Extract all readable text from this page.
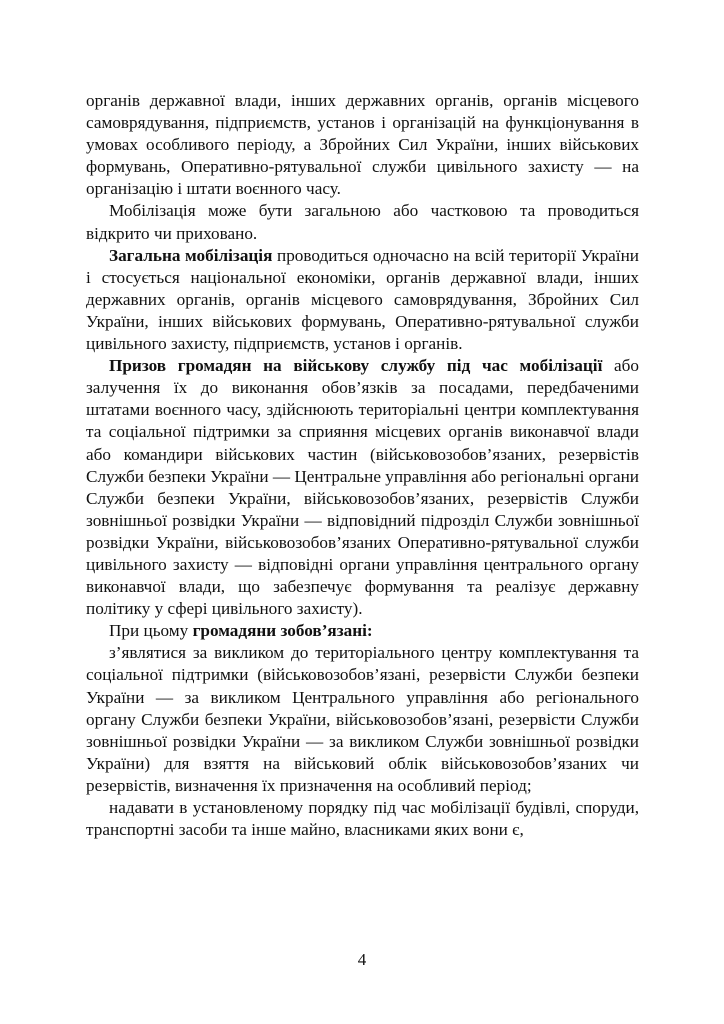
органів державної влади, інших державних органів, органів місцевого самоврядування, підприємств, установ і організацій на функціонування в умовах особливого періоду, а Збройних Сил України, інших військових формувань, Оперативно-рятувальної служби цивільного захисту — на організацію і штати воєнного часу.

Мобілізація може бути загальною або частковою та проводиться відкрито чи приховано.

Загальна мобілізація проводиться одночасно на всій території України і стосується національної економіки, органів державної влади, інших державних органів, органів місцевого самоврядування, Збройних Сил України, інших військових формувань, Оперативно-рятувальної служби цивільного захисту, підприємств, установ і органів.

Призов громадян на військову службу під час мобілізації або залучення їх до виконання обов’язків за посадами, передбаченими штатами воєнного часу, здійснюють територіальні центри комплектування та соціальної підтримки за сприяння місцевих органів виконавчої влади або командири військових частин (військовозобов’язаних, резервістів Служби безпеки України — Центральне управління або регіональні органи Служби безпеки України, військовозобов’язаних, резервістів Служби зовнішньої розвідки України — відповідний підрозділ Служби зовнішньої розвідки України, військовозобов’язаних Оперативно-рятувальної служби цивільного захисту — відповідні органи управління центрального органу виконавчої влади, що забезпечує формування та реалізує державну політику у сфері цивільного захисту).

При цьому громадяни зобов’язані:

з’являтися за викликом до територіального центру комплектування та соціальної підтримки (військовозобов’язані, резервісти Служби безпеки України — за викликом Центрального управління або регіонального органу Служби безпеки України, військовозобов’язані, резервісти Служби зовнішньої розвідки України — за викликом Служби зовнішньої розвідки України) для взяття на військовий облік військовозобов’язаних чи резервістів, визначення їх призначення на особливий період;

надавати в установленому порядку під час мобілізації будівлі, споруди, транспортні засоби та інше майно, власниками яких вони є,

4
